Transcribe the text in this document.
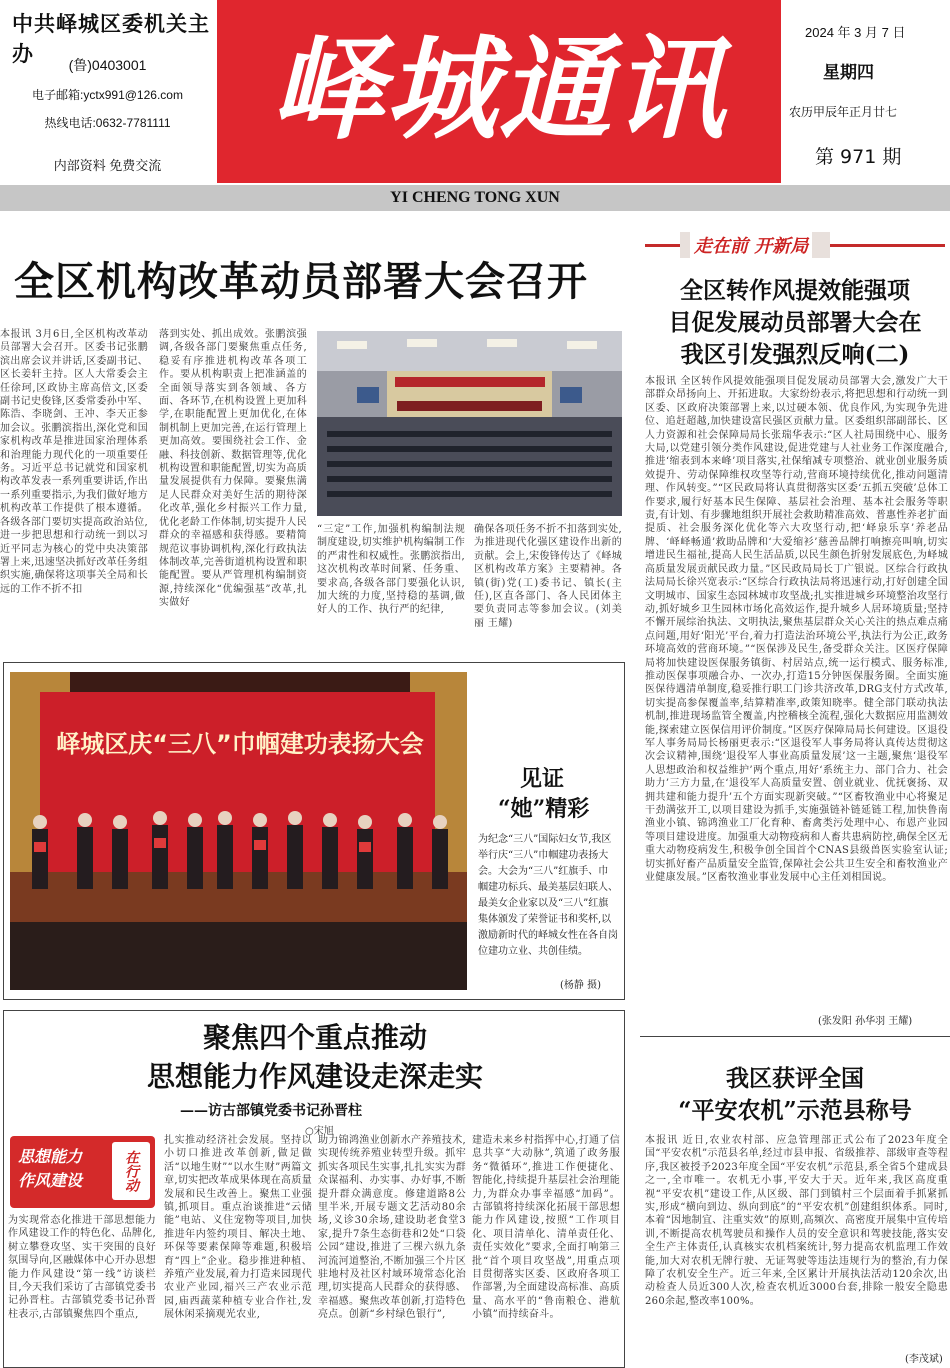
中共峄城区委机关主办	(鲁)0403001
电子邮箱:yctx991@126.com
热线电话:0632-7781111
内部资料 免费交流
峄城通讯	2024 年 3 月 7 日
星期四
农历甲辰年正月廿七
第 971 期
YI CHENG TONG XUN
全区机构改革动员部署大会召开
本报讯 3月6日,全区机构改革动员部署大会召开。区委书记张鹏滨出席会议并讲话,区委副书记、区长姜轩主持。区人大常委会主任徐珂,区政协主席高倍文,区委副书记史俊锋,区委常委孙中军、陈浩、李晓剑、王冲、李天正参加会议。张鹏滨指出,深化党和国家机构改革是推进国家治理体系和治理能力现代化的一项重要任务。习近平总书记就党和国家机构改革发表一系列重要讲话,作出一系列重要指示,为我们做好地方机构改革工作提供了根本遵循。各级各部门要切实提高政治站位,进一步把思想和行动统一到以习近平同志为核心的党中央决策部署上来,迅速坚决抓好改革任务组织实施,确保将这项事关全局和长远的工作不折不扣
落到实处、抓出成效。张鹏滨强调,各级各部门要聚焦重点任务,稳妥有序推进机构改革各项工作。要从机构职责上把准涵盖的全面领导落实到各领域、各方面、各环节,在机构设置上更加科学,在职能配置上更加优化,在体制机制上更加完善,在运行管理上更加高效。要围绕社会工作、金融、科技创新、数据管理等,优化机构设置和职能配置,切实为高质量发展提供有力保障。要聚焦满足人民群众对美好生活的期待深化改革,强化乡村振兴工作力量,优化老龄工作体制,切实提升人民群众的幸福感和获得感。要精简规范议事协调机构,深化行政执法体制改革,完善街道机构设置和职能配置。要从严管理机构编制资源,持续深化“优编强基”改革,扎实做好
“三定”工作,加强机构编制法规制度建设,切实维护机构编制工作的严肃性和权威性。张鹏滨指出,这次机构改革时间紧、任务重、要求高,各级各部门要强化认识,加大统的力度,坚持稳的基调,做好人的工作、执行严的纪律,
确保各项任务不折不扣落到实处,为推进现代化强区建设作出新的贡献。会上,宋俊锋传达了《峄城区机构改革方案》主要精神。各镇(街)党(工)委书记、镇长(主任),区直各部门、各人民团体主要负责同志等参加会议。(刘美丽 王耀)
峄城区庆“三八”巾帼建功表扬大会
见证
“她”精彩
为纪念“三八”国际妇女节,我区举行庆“三八”巾帼建功表扬大会。大会为“三八”红旗手、巾帼建功标兵、最美基层妇联人、最美女企业家以及“三八”红旗集体颁发了荣誉证书和奖杯,以激励新时代的峄城女性在各自岗位建功立业、共创佳绩。
(杨静 摄)
聚焦四个重点推动
思想能力作风建设走深走实
——访古部镇党委书记孙晋柱
思想能力
作风建设	在行动
为实现常态化推进干部思想能力作风建设工作的特色化、品牌化,树立攀登攻坚、实干突围的良好氛围导向,区融媒体中心开办思想能力作风建设“第一线”访谈栏目,今天我们采访了古部镇党委书记孙晋柱。古部镇党委书记孙晋柱表示,古部镇聚焦四个重点,
○宋旭
扎实推动经济社会发展。坚持以小切口推进改革创新,做足做活“以地生财”“以水生财”两篇文章,切实把改革成果体现在高质量发展和民生改善上。聚焦工业强镇,抓项目。重点治谈推进“云储能”电站、义住宠物等项目,加快推进年内签约项目、解决土地、环保等要素保障等难题,积极培育“四上”企业。稳步推进种植、养殖产业发展,着力打造来园现代农业产业园,福兴三产农业示范园,庙西蔬菜种植专业合作社,发展休闲采摘观光农业,
助力锦鸿渔业创新水产养殖技术,实现传统养殖业转型升级。抓牢抓实各项民生实事,扎扎实实为群众谋福利、办实事、办好事,不断提升群众满意度。修建道路8公里半米,开展专题文艺活动80余场,义诊30余场,建设助老食堂3家,提升7条生态街巷和2处“口袋公园”建设,推进了三棵六纵九条河流河道整治,不断加强三个片区驻地村及社区村域环境常态化治理,切实提高人民群众的获得感、幸福感。聚焦改革创新,打造特色亮点。创新“乡村绿色银行”,
建造未来乡村指挥中心,打通了信息共享“大动脉”,筑通了政务服务“微循环”,推进工作便捷化、智能化,持续提升基层社会治理能力,为群众办事幸福感“加码”。古部镇将持续深化拓展干部思想能力作风建设,按照“工作项目化、项目清单化、清单责任化、责任实效化”要求,全面打响第三批“首个项目攻坚战”,用重点项目贯彻落实区委、区政府各项工作部署,为全面建设高标准、高质量、高水平的“鲁南粮仓、港航小镇”而持续奋斗。
走在前 开新局
全区转作风提效能强项
目促发展动员部署大会在
我区引发强烈反响(二)
本报讯 全区转作风提效能强项目促发展动员部署大会,激发广大干部群众昂扬向上、开拓进取。大家纷纷表示,将把思想和行动统一到区委、区政府决策部署上来,以过硬本领、优良作风,为实现争先进位、追赶超越,加快建设富民强区贡献力量。区委组织部副部长、区人力资源和社会保障局局长张瑞华表示:“区人社局围绕中心、服务大局,以党建引领分类作风建设,促进党建与人社业务工作深度融合,推进‘缩表到本来峰’项目落实,社保缩减专项整治、就业创业服务质效提升、劳动保障维权攻坚等行动,营商环境持续优化,推动问题清理、作风转变。”“区民政局将认真贯彻落实区委‘五抓五突破’总体工作要求,履行好基本民生保障、基层社会治理、基本社会服务等职责,有计划、有步骤地组织开展社会救助精准高效、普惠性养老扩面提质、社会服务深化优化等六大攻坚行动,把‘峄泉乐享’养老品牌、‘峄峄畅通’救助品牌和‘大爱缩衫’慈善品牌打响擦亮叫响,切实增进民生福祉,提高人民生活品质,以民生颜色折射发展底色,为峄城高质量发展贡献民政力量。”区民政局局长丁广银说。区综合行政执法局局长徐兴宽表示:“区综合行政执法局将迅速行动,打好创建全国文明城市、国家生态园林城市攻坚战;扎实推进城乡环境整治攻坚行动,抓好城乡卫生园林市场化高效运作,提升城乡人居环境质量;坚持不懈开展综治执法、文明执法,聚焦基层群众关心关注的热点难点痛点问题,用好‘阳光’平台,着力打造法治环境公平,执法行为公正,政务环境高效的营商环境。”“医保涉及民生,备受群众关注。区医疗保障局将加快建设医保服务镇街、村居站点,统一运行模式、服务标准,推动医保事项融合办、一次办,打造15分钟医保服务圈。全面实施医保待遇清单制度,稳妥推行职工门诊共济改革,DRG支付方式改革,切实提高参保覆盖率,结算精准率,政策知晓率。健全部门联动执法机制,推进现场监管全覆盖,内控稽核全流程,强化大数据应用监测效能,探索建立医保信用评价制度。”区医疗保障局局长何建设。区退役军人事务局局长杨丽更表示:“区退役军人事务局将认真传达贯彻这次会议精神,围绕‘退役军人事业高质量发展’这一主题,聚焦‘退役军人思想政治和权益维护’两个重点,用好‘系统主力、部门合力、社会助力’三方力量,在‘退役军人高质量安置、创业就业、优抚褒扬、双拥共建和能力提升’五个方面实现新突破。”“区畜牧渔业中心将聚足干劲满弦开工,以项目建设为抓手,实施强链补链延链工程,加快鲁南渔业小镇、锦鸿渔业工厂化育种、畜禽类污处理中心、布恩产业园等项目建设进度。加强重大动物疫病和人畜共患病防控,确保全区无重大动物疫病发生,积极争创全国首个CNAS县级兽医实验室认证;切实抓好畜产品质量安全监管,保障社会公共卫生安全和畜牧渔业产业健康发展。”区畜牧渔业事业发展中心主任刘相国说。
(张发阳 孙华羽 王耀)
我区获评全国
“平安农机”示范县称号
本报讯 近日,农业农村部、应急管理部正式公布了2023年度全国“平安农机”示范县名单,经过市县申报、省级推荐、部级审查等程序,我区被授予2023年度全国“平安农机”示范县,系全省5个建成县之一,全市唯一。农机无小事,平安大于天。近年来,我区高度重视“平安农机”建设工作,从区级、部门到镇村三个层面着手抓紧抓实,形成“横向到边、纵向到底”的“平安农机”创建组织体系。同时,本着“因地制宜、注重实效”的原则,高频次、高密度开展集中宣传培训,不断提高农机驾驶员和操作人员的安全意识和驾驶技能,落实安全生产主体责任,认真核实农机档案统计,努力提高农机监理工作效能,加大对农机无牌行驶、无证驾驶等违法违规行为的整治,有力保障了农机安全生产。近三年来,全区累计开展执法活动120余次,出动检查人员近300人次,检查农机近3000台套,排除一般安全隐患260余起,整改率100%。
(李茂斌)
